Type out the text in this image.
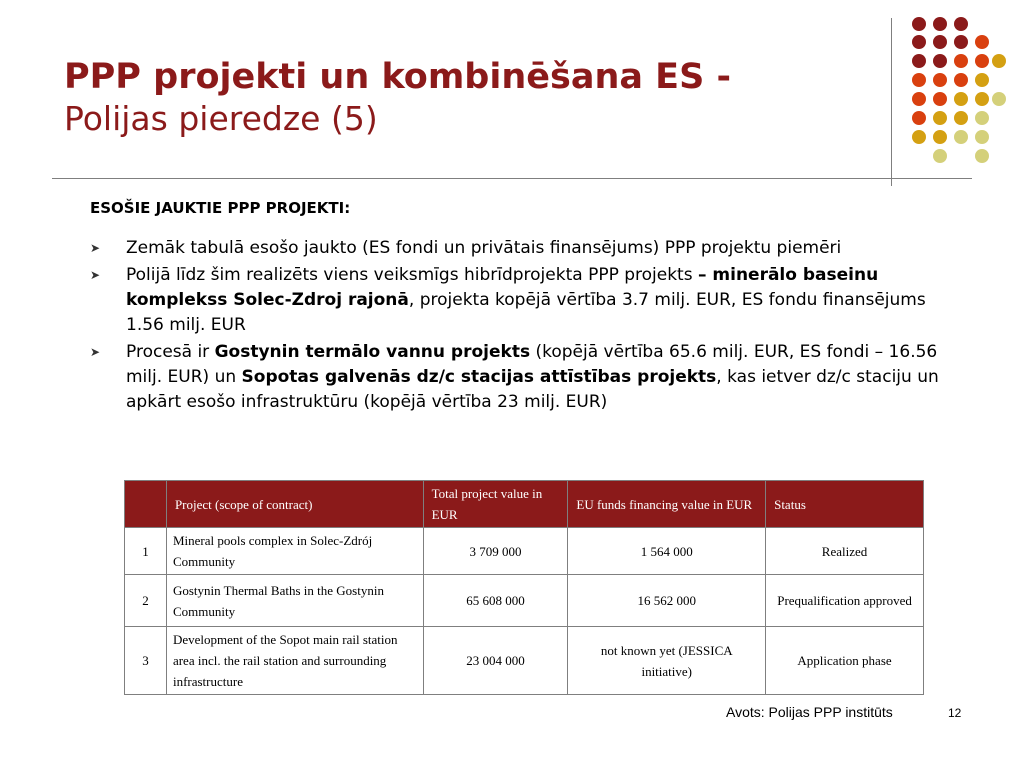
PPP projekti un kombinēšana ES -
Polijas pieredze (5)
ESOŠIE JAUKTIE PPP PROJEKTI:
➤ Zemāk tabulā esošo jaukto (ES fondi un privātais finansējums) PPP projektu piemēri
➤ Polijā līdz šim realizēts viens veiksmīgs hibrīdprojekta PPP projekts – minerālo baseinu komplekss Solec-Zdroj rajonā, projekta kopējā vērtība 3.7 milj. EUR, ES fondu finansējums 1.56 milj. EUR
➤ Procesā ir Gostynin termālo vannu projekts (kopējā vērtība 65.6 milj. EUR, ES fondi – 16.56 milj. EUR) un Sopotas galvenās dz/c stacijas attīstības projekts, kas ietver dz/c staciju un apkārt esošo infrastruktūru (kopējā vērtība 23 milj. EUR)
	Project (scope of contract)	Total project value in EUR	EU funds financing value in EUR	Status
1	Mineral pools complex in Solec-Zdrój Community	3 709 000	1 564 000	Realized
2	Gostynin Thermal Baths in the Gostynin Community	65 608 000	16 562 000	Prequalification approved
3	Development of the Sopot main rail station area incl. the rail station and surrounding infrastructure	23 004 000	not known yet (JESSICA initiative)	Application phase
Avots: Polijas PPP institūts	12
